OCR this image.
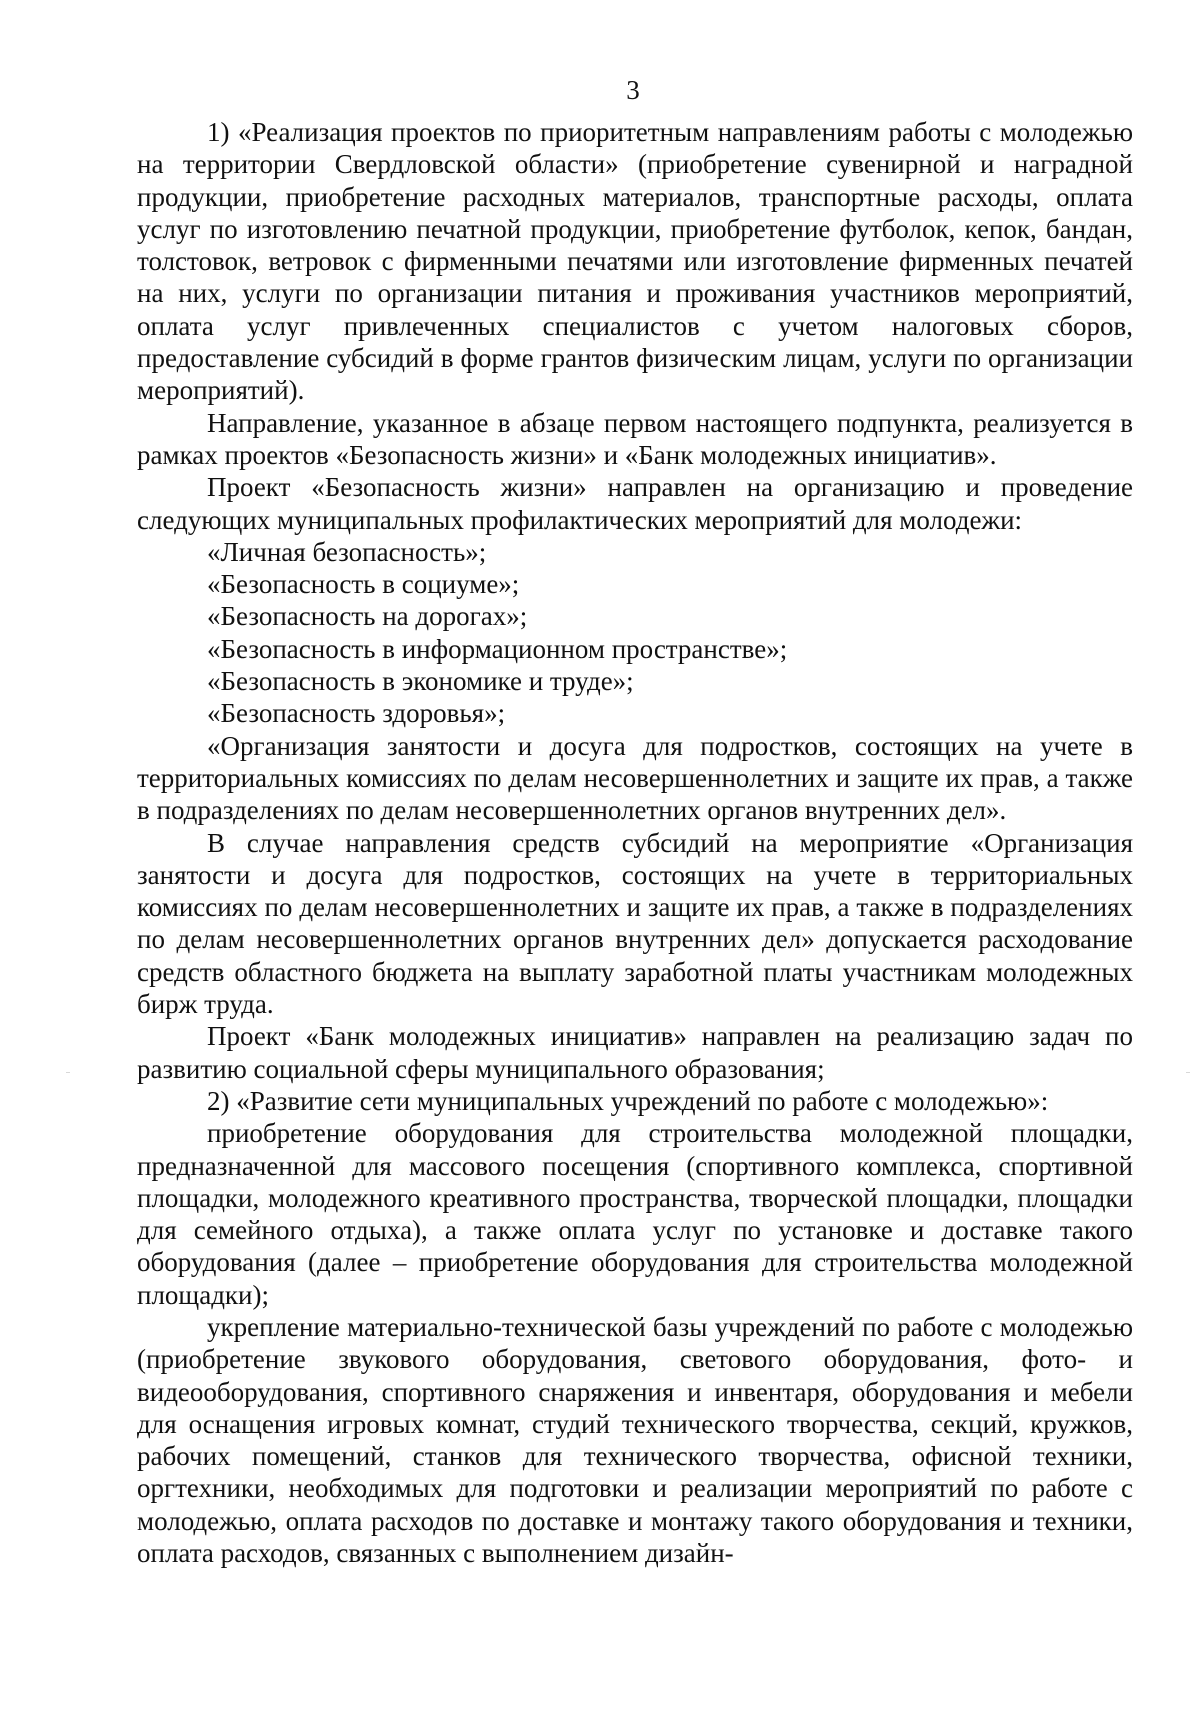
3

1) «Реализация проектов по приоритетным направлениям работы с молодежью на территории Свердловской области» (приобретение сувенирной и наградной продукции, приобретение расходных материалов, транспортные расходы, оплата услуг по изготовлению печатной продукции, приобретение футболок, кепок, бандан, толстовок, ветровок с фирменными печатями или изготовление фирменных печатей на них, услуги по организации питания и проживания участников мероприятий, оплата услуг привлеченных специалистов с учетом налоговых сборов, предоставление субсидий в форме грантов физическим лицам, услуги по организации мероприятий).

Направление, указанное в абзаце первом настоящего подпункта, реализуется в рамках проектов «Безопасность жизни» и «Банк молодежных инициатив».

Проект «Безопасность жизни» направлен на организацию и проведение следующих муниципальных профилактических мероприятий для молодежи:

«Личная безопасность»;

«Безопасность в социуме»;

«Безопасность на дорогах»;

«Безопасность в информационном пространстве»;

«Безопасность в экономике и труде»;

«Безопасность здоровья»;

«Организация занятости и досуга для подростков, состоящих на учете в территориальных комиссиях по делам несовершеннолетних и защите их прав, а также в подразделениях по делам несовершеннолетних органов внутренних дел».

В случае направления средств субсидий на мероприятие «Организация занятости и досуга для подростков, состоящих на учете в территориальных комиссиях по делам несовершеннолетних и защите их прав, а также в подразделениях по делам несовершеннолетних органов внутренних дел» допускается расходование средств областного бюджета на выплату заработной платы участникам молодежных бирж труда.

Проект «Банк молодежных инициатив» направлен на реализацию задач по развитию социальной сферы муниципального образования;

2) «Развитие сети муниципальных учреждений по работе с молодежью»:

приобретение оборудования для строительства молодежной площадки, предназначенной для массового посещения (спортивного комплекса, спортивной площадки, молодежного креативного пространства, творческой площадки, площадки для семейного отдыха), а также оплата услуг по установке и доставке такого оборудования (далее – приобретение оборудования для строительства молодежной площадки);

укрепление материально-технической базы учреждений по работе с молодежью (приобретение звукового оборудования, светового оборудования, фото- и видеооборудования, спортивного снаряжения и инвентаря, оборудования и мебели для оснащения игровых комнат, студий технического творчества, секций, кружков, рабочих помещений, станков для технического творчества, офисной техники, оргтехники, необходимых для подготовки и реализации мероприятий по работе с молодежью, оплата расходов по доставке и монтажу такого оборудования и техники, оплата расходов, связанных с выполнением дизайн-
